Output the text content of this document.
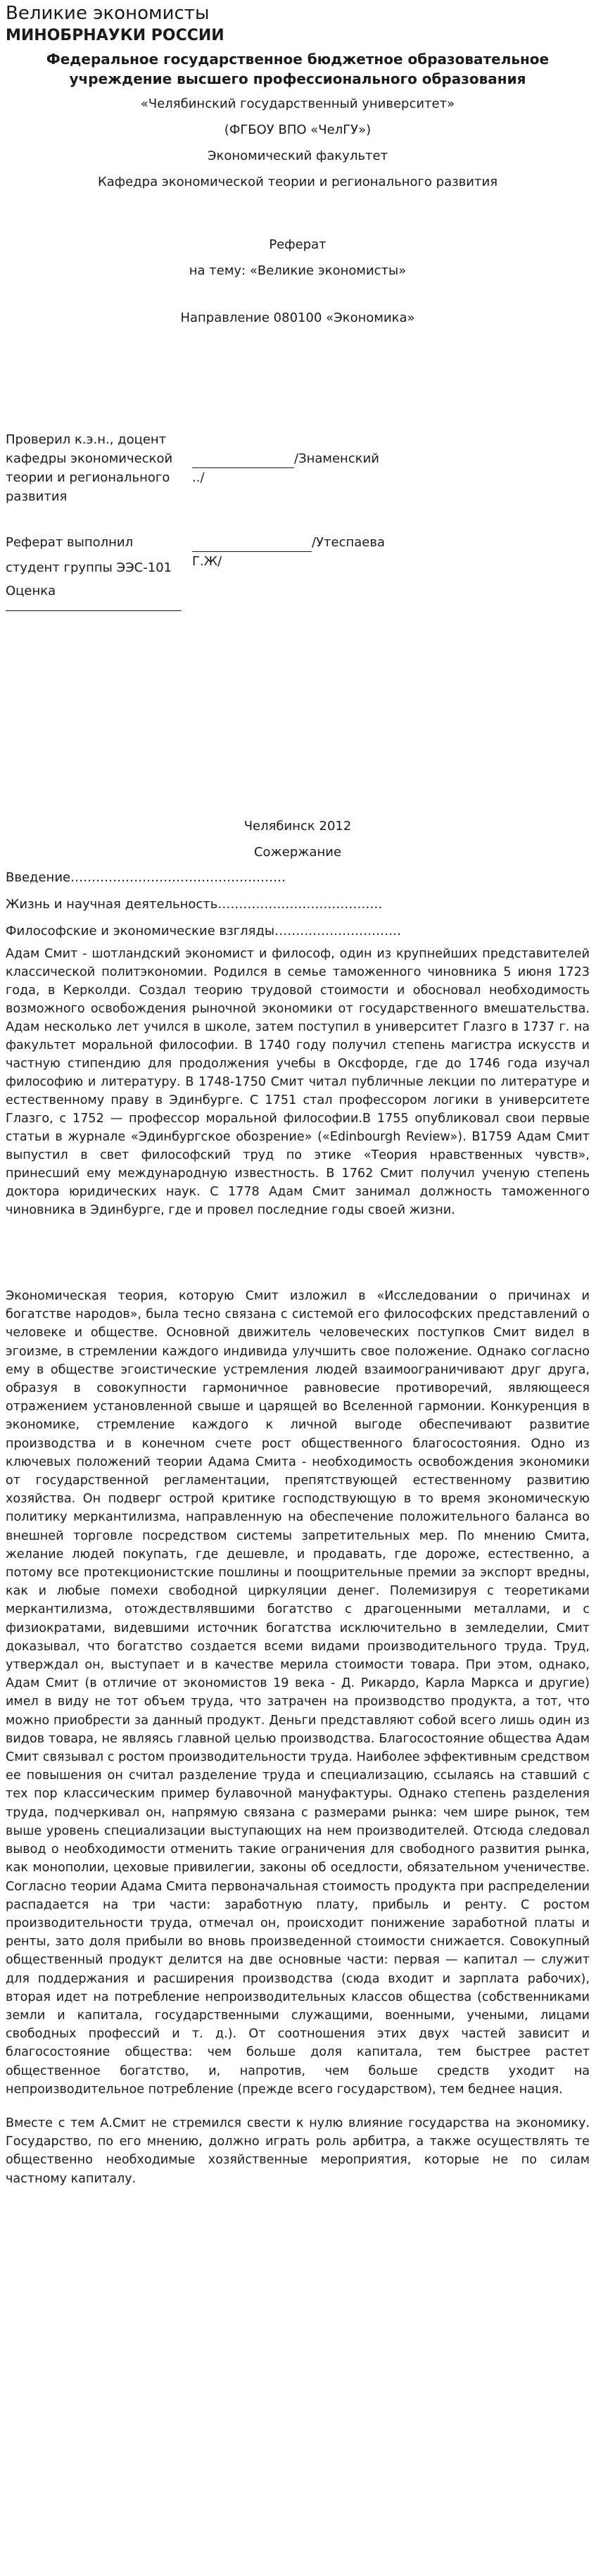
Великие экономисты
МИНОБРНАУКИ РОССИИ
Федеральное государственное бюджетное образовательное учреждение высшего профессионального образования
«Челябинский государственный университет»
(ФГБОУ ВПО «ЧелГУ»)
Экономический факультет
Кафедра экономической теории и регионального развития
Реферат
на тему: «Великие экономисты»
Направление 080100 «Экономика»
Проверил к.э.н., доцент кафедры экономической теории и регионального развития
/Знаменский
../
Реферат выполнил
студент группы ЭЭС-101
/Утеспаева
Г.Ж/
Оценка
Челябинск 2012
Сожержание
Введение……………………………………………
Жизнь и научная деятельность…………………………………
Философские и экономические взгляды…………………………
Адам Смит - шотландский экономист и философ, один из крупнейших представителей классической политэкономии. Родился в семье таможенного чиновника 5 июня 1723 года, в Керколди. Создал теорию трудовой стоимости и обосновал необходимость возможного освобождения рыночной экономики от государственного вмешательства. Адам несколько лет учился в школе, затем поступил в университет Глазго в 1737 г. на факультет моральной философии. В 1740 году получил степень магистра искусств и частную стипендию для продолжения учебы в Оксфорде, где до 1746 года изучал философию и литературу. В 1748-1750 Смит читал публичные лекции по литературе и естественному праву в Эдинбурге. С 1751 стал профессором логики в университете Глазго, с 1752 — профессор моральной философии.В 1755 опубликовал свои первые статьи в журнале «Эдинбургское обозрение» («Edinbourgh Review»). В1759 Адам Смит выпустил в свет философский труд по этике «Теория нравственных чувств», принесший ему международную известность. В 1762 Смит получил ученую степень доктора юридических наук. С 1778 Адам Смит занимал должность таможенного чиновника в Эдинбурге, где и провел последние годы своей жизни.
Экономическая теория, которую Смит изложил в «Исследовании о причинах и богатстве народов», была тесно связана с системой его философских представлений о человеке и обществе. Основной движитель человеческих поступков Смит видел в эгоизме, в стремлении каждого индивида улучшить свое положение. Однако согласно ему в обществе эгоистические устремления людей взаимоограничивают друг друга, образуя в совокупности гармоничное равновесие противоречий, являющееся отражением установленной свыше и царящей во Вселенной гармонии. Конкуренция в экономике, стремление каждого к личной выгоде обеспечивают развитие производства и в конечном счете рост общественного благосостояния. Одно из ключевых положений теории Адама Смита - необходимость освобождения экономики от государственной регламентации, препятствующей естественному развитию хозяйства. Он подверг острой критике господствующую в то время экономическую политику меркантилизма, направленную на обеспечение положительного баланса во внешней торговле посредством системы запретительных мер. По мнению Смита, желание людей покупать, где дешевле, и продавать, где дороже, естественно, а потому все протекционистские пошлины и поощрительные премии за экспорт вредны, как и любые помехи свободной циркуляции денег. Полемизируя с теоретиками меркантилизма, отождествлявшими богатство с драгоценными металлами, и с физиократами, видевшими источник богатства исключительно в земледелии, Смит доказывал, что богатство создается всеми видами производительного труда. Труд, утверждал он, выступает и в качестве мерила стоимости товара. При этом, однако, Адам Смит (в отличие от экономистов 19 века - Д. Рикардо, Карла Маркса и другие) имел в виду не тот объем труда, что затрачен на производство продукта, а тот, что можно приобрести за данный продукт. Деньги представляют собой всего лишь один из видов товара, не являясь главной целью производства. Благосостояние общества Адам Смит связывал с ростом производительности труда. Наиболее эффективным средством ее повышения он считал разделение труда и специализацию, ссылаясь на ставший с тех пор классическим пример булавочной мануфактуры. Однако степень разделения труда, подчеркивал он, напрямую связана с размерами рынка: чем шире рынок, тем выше уровень специализации выступающих на нем производителей. Отсюда следовал вывод о необходимости отменить такие ограничения для свободного развития рынка, как монополии, цеховые привилегии, законы об оседлости, обязательном ученичестве. Согласно теории Адама Смита первоначальная стоимость продукта при распределении распадается на три части: заработную плату, прибыль и ренту. С ростом производительности труда, отмечал он, происходит понижение заработной платы и ренты, зато доля прибыли во вновь произведенной стоимости снижается. Совокупный общественный продукт делится на две основные части: первая — капитал — служит для поддержания и расширения производства (сюда входит и зарплата рабочих), вторая идет на потребление непроизводительных классов общества (собственниками земли и капитала, государственными служащими, военными, учеными, лицами свободных профессий и т. д.). От соотношения этих двух частей зависит и благосостояние общества: чем больше доля капитала, тем быстрее растет общественное богатство, и, напротив, чем больше средств уходит на непроизводительное потребление (прежде всего государством), тем беднее нация.
Вместе с тем А.Смит не стремился свести к нулю влияние государства на экономику. Государство, по его мнению, должно играть роль арбитра, а также осуществлять те общественно необходимые хозяйственные мероприятия, которые не по силам частному капиталу.
